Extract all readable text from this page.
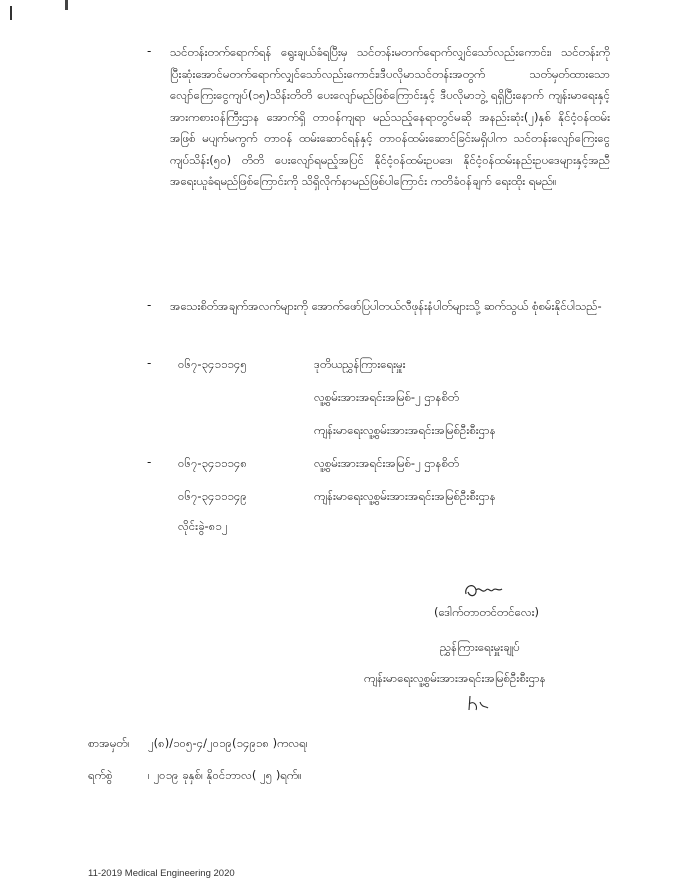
- သင်တန်းတက်ရောက်ရန် ရွေးချယ်ခံရပြီးမှ သင်တန်းမတက်ရောက်လျှင်သော်လည်းကောင်း၊ သင်တန်းကိုပြီးဆုံးအောင်မတက်ရောက်လျှင်သော်လည်းကောင်း၊ဒီပလိုမာသင်တန်းအတွက် သတ်မှတ်ထားသော လျော်ကြေးငွေကျပ်(၁၅)သိန်းတိတိ ပေးလျော်မည်ဖြစ်ကြောင်းနှင့် ဒီပလိုမာဘွဲ့ ရရှိပြီးနောက် ကျန်းမာရေးနှင့်အားကစားဝန်ကြီးဌာန အောက်ရှိ တာဝန်ကျရာ မည်သည့်နေရာတွင်မဆို အနည်းဆုံး(၂)နှစ် နိုင်ငံ့ဝန်ထမ်းအဖြစ် မပျက်မကွက် တာဝန် ထမ်းဆောင်ရန်နှင့် တာဝန်ထမ်းဆောင်ခြင်းမရှိပါက သင်တန်းလျော်ကြေးငွေ ကျပ်သိန်း(၅၀) တိတိ ပေးလျော်ရမည့်အပြင် နိုင်ငံ့ဝန်ထမ်းဥပဒေ၊ နိုင်ငံ့ဝန်ထမ်းနည်းဥပဒေများနှင့်အညီ အရေးယူခံရမည်ဖြစ်ကြောင်းကို သိရှိလိုက်နာမည်ဖြစ်ပါကြောင်း ကတိခံဝန်ချက် ရေးထိုး ရမည်။

- အသေးစိတ်အချက်အလက်များကို အောက်ဖော်ပြပါတယ်လီဖုန်းနံပါတ်များသို့ ဆက်သွယ် စုံစမ်းနိုင်ပါသည်-

- ၀၆၇-၃၄၁၁၁၄၅	ဒုတိယညွှန်ကြားရေးမှူး
လူ့စွမ်းအားအရင်းအမြစ်-၂ ဌာနစိတ်
ကျန်းမာရေးလူ့စွမ်းအားအရင်းအမြစ်ဦးစီးဌာန
- ၀၆၇-၃၄၁၁၁၄၈	လူ့စွမ်းအားအရင်းအမြစ်-၂ ဌာနစိတ်
၀၆၇-၃၄၁၁၁၄၉	ကျန်းမာရေးလူ့စွမ်းအားအရင်းအမြစ်ဦးစီးဌာန
လိုင်းခွဲ-၈၁၂
(ဒေါက်တာတင်တင်လေး)
ညွှန်ကြားရေးမှူးချုပ်
ကျန်းမာရေးလူ့စွမ်းအားအရင်းအမြစ်ဦးစီးဌာန
စာအမှတ်၊ ၂(၈)/၁၀၅-၄/၂၀၁၉(၁၄၉၁၈ )ကလရ၊
ရက်စွဲ	၊ ၂၀၁၉ ခုနှစ်၊ နိုဝင်ဘာလ( ၂၅ )ရက်။
11-2019 Medical Engineering 2020
